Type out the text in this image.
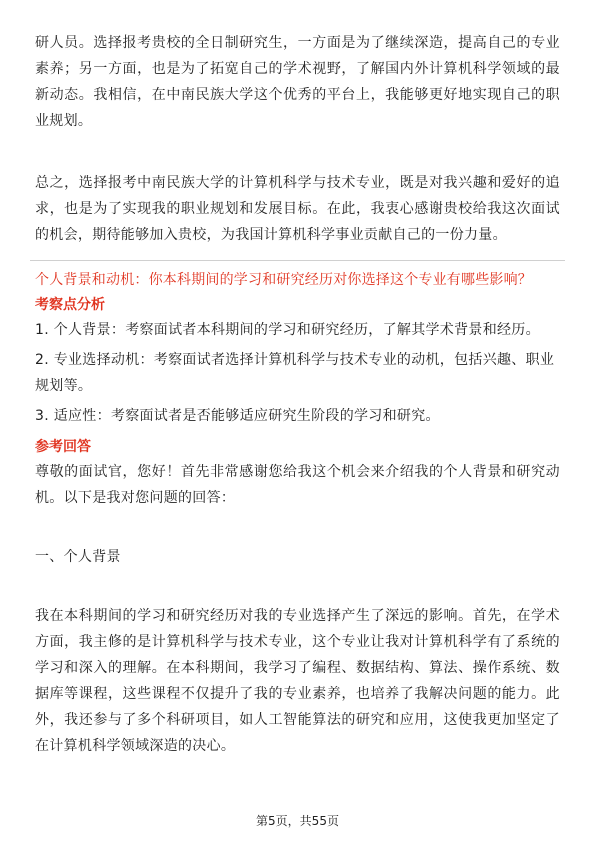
研人员。选择报考贵校的全日制研究生，一方面是为了继续深造，提高自己的专业素养；另一方面，也是为了拓宽自己的学术视野，了解国内外计算机科学领域的最新动态。我相信，在中南民族大学这个优秀的平台上，我能够更好地实现自己的职业规划。

总之，选择报考中南民族大学的计算机科学与技术专业，既是对我兴趣和爱好的追求，也是为了实现我的职业规划和发展目标。在此，我衷心感谢贵校给我这次面试的机会，期待能够加入贵校，为我国计算机科学事业贡献自己的一份力量。

个人背景和动机：你本科期间的学习和研究经历对你选择这个专业有哪些影响？
考察点分析
1. 个人背景：考察面试者本科期间的学习和研究经历，了解其学术背景和经历。
2. 专业选择动机：考察面试者选择计算机科学与技术专业的动机，包括兴趣、职业规划等。
3. 适应性：考察面试者是否能够适应研究生阶段的学习和研究。
参考回答

尊敬的面试官，您好！首先非常感谢您给我这个机会来介绍我的个人背景和研究动机。以下是我对您问题的回答：

一、个人背景

我在本科期间的学习和研究经历对我的专业选择产生了深远的影响。首先，在学术方面，我主修的是计算机科学与技术专业，这个专业让我对计算机科学有了系统的学习和深入的理解。在本科期间，我学习了编程、数据结构、算法、操作系统、数据库等课程，这些课程不仅提升了我的专业素养，也培养了我解决问题的能力。此外，我还参与了多个科研项目，如人工智能算法的研究和应用，这使我更加坚定了在计算机科学领域深造的决心。

第5页，共55页
